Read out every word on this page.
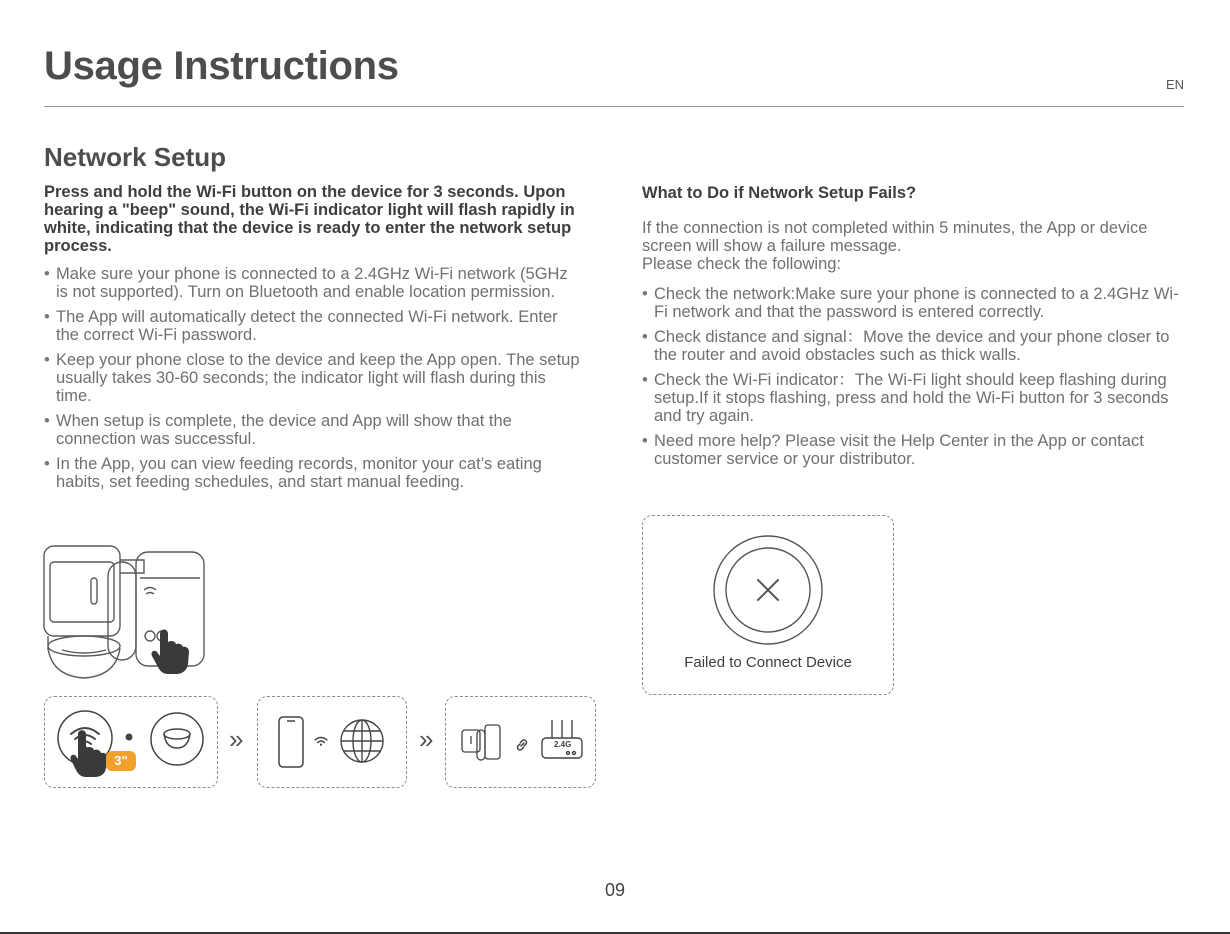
Usage Instructions	EN
Network Setup

Press and hold the Wi-Fi button on the device for 3 seconds. Upon hearing a "beep" sound, the Wi-Fi indicator light will flash rapidly in white, indicating that the device is ready to enter the network setup process.

• Make sure your phone is connected to a 2.4GHz Wi-Fi network (5GHz is not supported). Turn on Bluetooth and enable location permission.
• The App will automatically detect the connected Wi-Fi network. Enter the correct Wi-Fi password.
• Keep your phone close to the device and keep the App open. The setup usually takes 30-60 seconds; the indicator light will flash during this time.
• When setup is complete, the device and App will show that the connection was successful.
• In the App, you can view feeding records, monitor your cat’s eating habits, set feeding schedules, and start manual feeding.

What to Do if Network Setup Fails?

If the connection is not completed within 5 minutes, the App or device screen will show a failure message.
Please check the following:

• Check the network:Make sure your phone is connected to a 2.4GHz Wi-Fi network and that the password is entered correctly.
• Check distance and signal：Move the device and your phone closer to the router and avoid obstacles such as thick walls.
• Check the Wi-Fi indicator：The Wi-Fi light should keep flashing during setup.If it stops flashing, press and hold the Wi-Fi button for 3 seconds and try again.
• Need more help? Please visit the Help Center in the App or contact customer service or your distributor.
3"
»	»	2.4G
Failed to Connect Device
09
